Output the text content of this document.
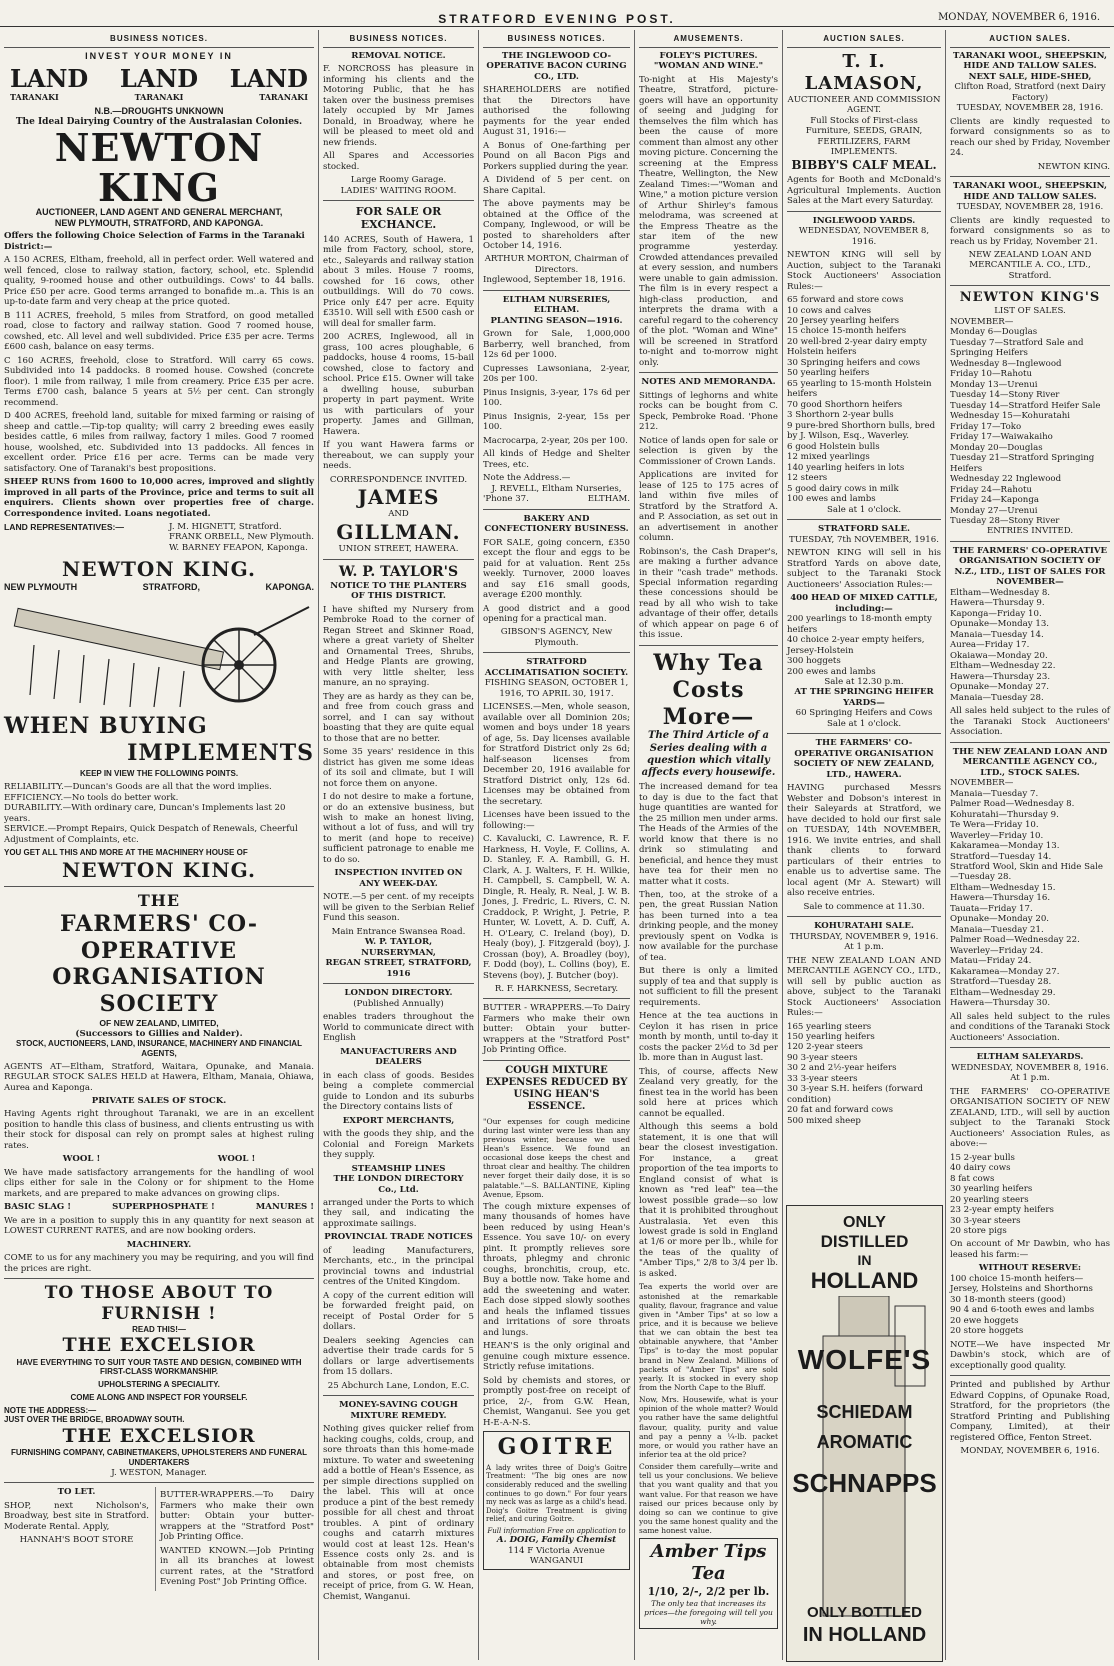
STRATFORD EVENING POST.	MONDAY, NOVEMBER 6, 1916.
BUSINESS NOTICES.
INVEST YOUR MONEY IN
LAND LAND LAND
TARANAKI	TARANAKI	TARANAKI
N.B.—DROUGHTS UNKNOWN
The Ideal Dairying Country of the Australasian Colonies.
NEWTON KING
AUCTIONEER, LAND AGENT AND GENERAL MERCHANT,
NEW PLYMOUTH, STRATFORD, AND KAPONGA.
Offers the following Choice Selection of Farms in the Taranaki District:—
A 150 ACRES, Eltham, freehold, all in perfect order. Well watered and well fenced, close to railway station, factory, school, etc. Splendid quality, 9-roomed house and other outbuildings. Cows' to 44 balls. Price £50 per acre. Good terms arranged to bonafide m..a. This is an up-to-date farm and very cheap at the price quoted.
B 111 ACRES, freehold, 5 miles from Stratford, on good metalled road, close to factory and railway station. Good 7 roomed house, cowshed, etc. All level and well subdivided. Price £35 per acre. Terms £600 cash, balance on easy terms.
C 160 ACRES, freehold, close to Stratford. Will carry 65 cows. Subdivided into 14 paddocks. 8 roomed house. Cowshed (concrete floor). 1 mile from railway, 1 mile from creamery. Price £35 per acre. Terms £700 cash, balance 5 years at 5½ per cent. Can strongly recommend.
D 400 ACRES, freehold land, suitable for mixed farming or raising of sheep and cattle.—Tip-top quality; will carry 2 breeding ewes easily besides cattle, 6 miles from railway, factory 1 miles. Good 7 roomed house, woolshed, etc. Subdivided into 13 paddocks. All fences in excellent order. Price £16 per acre. Terms can be made very satisfactory. One of Taranaki's best propositions.
SHEEP RUNS from 1600 to 10,000 acres, improved and slightly improved in all parts of the Province, price and terms to suit all enquirers. Clients shown over properties free of charge. Correspondence invited. Loans negotiated.
LAND REPRESENTATIVES:—	J. M. HIGNETT, Stratford.
FRANK ORBELL, New Plymouth.
W. BARNEY FEAPON, Kaponga.
NEWTON KING.
NEW PLYMOUTH	STRATFORD,	KAPONGA.
WHEN BUYING
IMPLEMENTS
KEEP IN VIEW THE FOLLOWING POINTS.
RELIABILITY.—Duncan's Goods are all that the word implies.
EFFICIENCY.—No tools do better work.
DURABILITY.—With ordinary care, Duncan's Implements last 20 years.
SERVICE.—Prompt Repairs, Quick Despatch of Renewals, Cheerful Adjustment of Complaints, etc.
YOU GET ALL THIS AND MORE AT THE MACHINERY HOUSE OF
NEWTON KING.
THE
FARMERS' CO-OPERATIVE
ORGANISATION SOCIETY
OF NEW ZEALAND, LIMITED,
(Successors to Gillies and Nalder).
STOCK, AUCTIONEERS, LAND, INSURANCE, MACHINERY AND FINANCIAL AGENTS,
AGENTS AT—Eltham, Stratford, Waitara, Opunake, and Manaia. REGULAR STOCK SALES HELD at Hawera, Eltham, Manaia, Ohiawa, Aurea and Kaponga.
PRIVATE SALES OF STOCK.
Having Agents right throughout Taranaki, we are in an excellent position to handle this class of business, and clients entrusting us with their stock for disposal can rely on prompt sales at highest ruling rates.
WOOL !	WOOL !
We have made satisfactory arrangements for the handling of wool clips either for sale in the Colony or for shipment to the Home markets, and are prepared to make advances on growing clips.
BASIC SLAG !	SUPERPHOSPHATE !	MANURES !
We are in a position to supply this in any quantity for next season at LOWEST CURRENT RATES, and are now booking orders.
MACHINERY.
COME to us for any machinery you may be requiring, and you will find the prices are right.
TO THOSE ABOUT TO
FURNISH !
READ THIS!—
THE EXCELSIOR
HAVE EVERYTHING TO SUIT YOUR TASTE AND DESIGN, COMBINED WITH FIRST-CLASS WORKMANSHIP.
UPHOLSTERING A SPECIALITY.
COME ALONG AND INSPECT FOR YOURSELF.
NOTE THE ADDRESS:—
JUST OVER THE BRIDGE, BROADWAY SOUTH.
THE EXCELSIOR
FURNISHING COMPANY, CABINETMAKERS, UPHOLSTERERS AND FUNERAL UNDERTAKERS
J. WESTON, Manager.
TO LET.
SHOP, next Nicholson's, Broadway, best site in Stratford. Moderate Rental. Apply,
HANNAH'S BOOT STORE
BUTTER-WRAPPERS.—To Dairy Farmers who make their own butter: Obtain your butter-wrappers at the "Stratford Post" Job Printing Office.
WANTED KNOWN.—Job Printing in all its branches at lowest current rates, at the "Stratford Evening Post" Job Printing Office.
BUSINESS NOTICES.
REMOVAL NOTICE.
F. NORCROSS has pleasure in informing his clients and the Motoring Public, that he has taken over the business premises lately occupied by Mr James Donald, in Broadway, where he will be pleased to meet old and new friends.
All Spares and Accessories stocked.
Large Roomy Garage.
LADIES' WAITING ROOM.
FOR SALE OR EXCHANCE.
140 ACRES, South of Hawera, 1 mile from Factory, school, store, etc., Saleyards and railway station about 3 miles. House 7 rooms, cowshed for 16 cows, other outbuildings. Will do 70 cows. Price only £47 per acre. Equity £3510. Will sell with £500 cash or will deal for smaller farm.
200 ACRES, Inglewood, all in grass, 100 acres ploughable, 6 paddocks, house 4 rooms, 15-bail cowshed, close to factory and school. Price £15. Owner will take a dwelling house, suburban property in part payment. Write us with particulars of your property. James and Gillman, Hawera.
If you want Hawera farms or thereabout, we can supply your needs.
CORRESPONDENCE INVITED.
JAMES
AND
GILLMAN.
UNION STREET, HAWERA.
W. P. TAYLOR'S
NOTICE TO THE PLANTERS OF THIS DISTRICT.
I have shifted my Nursery from Pembroke Road to the corner of Regan Street and Skinner Road, where a great variety of Shelter and Ornamental Trees, Shrubs, and Hedge Plants are growing, with very little shelter, less manure, an no spraying.
They are as hardy as they can be, and free from couch grass and sorrel, and I can say without boasting that they are quite equal to those that are no better.
Some 35 years' residence in this district has given me some ideas of its soil and climate, but I will not force them on anyone.
I do not desire to make a fortune, or do an extensive business, but wish to make an honest living, without a lot of fuss, and will try to merit (and hope to receive) sufficient patronage to enable me to do so.
INSPECTION INVITED ON ANY WEEK-DAY.
NOTE.—5 per cent. of my receipts will be given to the Serbian Relief Fund this season.
Main Entrance Swansea Road.
W. P. TAYLOR,
NURSERYMAN,
REGAN STREET, STRATFORD, 1916
LONDON DIRECTORY.
(Published Annually)
enables traders throughout the World to communicate direct with English
MANUFACTURERS AND DEALERS
in each class of goods. Besides being a complete commercial guide to London and its suburbs the Directory contains lists of
EXPORT MERCHANTS,
with the goods they ship, and the Colonial and Foreign Markets they supply.
STEAMSHIP LINES
THE LONDON DIRECTORY Co., Ltd.
arranged under the Ports to which they sail, and indicating the approximate sailings.
PROVINCIAL TRADE NOTICES
of leading Manufacturers, Merchants, etc., in the principal provincial towns and industrial centres of the United Kingdom.
A copy of the current edition will be forwarded freight paid, on receipt of Postal Order for 5 dollars.
Dealers seeking Agencies can advertise their trade cards for 5 dollars or large advertisements from 15 dollars.
25 Abchurch Lane, London, E.C.
MONEY-SAVING COUGH MIXTURE REMEDY.
Nothing gives quicker relief from hacking coughs, colds, croup, and sore throats than this home-made mixture. To water and sweetening add a bottle of Hean's Essence, as per simple directions supplied on the label. This will at once produce a pint of the best remedy possible for all chest and throat troubles. A pint of ordinary coughs and catarrh mixtures would cost at least 12s. Hean's Essence costs only 2s. and is obtainable from most chemists and stores, or post free, on receipt of price, from G. W. Hean, Chemist, Wanganui.
BUSINESS NOTICES.
THE INGLEWOOD CO-OPERATIVE BACON CURING CO., LTD.
SHAREHOLDERS are notified that the Directors have authorised the following payments for the year ended August 31, 1916:—
A Bonus of One-farthing per Pound on all Bacon Pigs and Porkers supplied during the year.
A Dividend of 5 per cent. on Share Capital.
The above payments may be obtained at the Office of the Company, Inglewood, or will be posted to shareholders after October 14, 1916.
ARTHUR MORTON, Chairman of Directors.
Inglewood, September 18, 1916.
ELTHAM NURSERIES, ELTHAM.
PLANTING SEASON—1916.
Grown for Sale, 1,000,000 Barberry, well branched, from 12s 6d per 1000.
Cupresses Lawsoniana, 2-year, 20s per 100.
Pinus Insignis, 3-year, 17s 6d per 100.
Pinus Insignis, 2-year, 15s per 100.
Macrocarpa, 2-year, 20s per 100.
All kinds of Hedge and Shelter Trees, etc.
Note the Address.—
J. REVELL, Eltham Nurseries,
'Phone 37.	ELTHAM.
BAKERY AND CONFECTIONERY BUSINESS.
FOR SALE, going concern, £350 except the flour and eggs to be paid for at valuation. Rent 25s weekly. Turnover, 2000 loaves and say £16 small goods, average £200 monthly.
A good district and a good opening for a practical man.
GIBSON'S AGENCY, New Plymouth.
STRATFORD ACCLIMATISATION SOCIETY.
FISHING SEASON, OCTOBER 1, 1916, TO APRIL 30, 1917.
LICENSES.—Men, whole season, available over all Dominion 20s; women and boys under 18 years of age, 5s. Day licenses available for Stratford District only 2s 6d; half-season licenses from December 20, 1916 available for Stratford District only, 12s 6d. Licenses may be obtained from the secretary.
Licenses have been issued to the following:—
C. Kavalucki, C. Lawrence, R. F. Harkness, H. Voyle, F. Collins, A. D. Stanley, F. A. Rambill, G. H. Clark, A. J. Walters, F. H. Wilkie, H. Campbell, S. Campbell, W. A. Dingle, R. Healy, R. Neal, J. W. B. Jones, J. Fredric, L. Rivers, C. N. Craddock, P. Wright, J. Petrie, P. Hunter, W. Lovett, A. D. Cuff, A. H. O'Leary, C. Ireland (boy), D. Healy (boy), J. Fitzgerald (boy), J. Crossan (boy), A. Broadley (boy), F. Dodd (boy), L. Collins (boy), E. Stevens (boy), J. Butcher (boy).
R. F. HARKNESS, Secretary.
BUTTER - WRAPPERS.—To Dairy Farmers who make their own butter: Obtain your butter-wrappers at the "Stratford Post" Job Printing Office.
COUGH MIXTURE EXPENSES REDUCED BY USING HEAN'S ESSENCE.
"Our expenses for cough medicine during last winter were less than any previous winter, because we used Hean's Essence. We found an occasional dose keeps the chest and throat clear and healthy. The children never forget their daily dose, it is so palatable."—S. BALLANTINE, Kipling Avenue, Epsom.
The cough mixture expenses of many thousands of homes have been reduced by using Hean's Essence. You save 10/- on every pint. It promptly relieves sore throats, phlegmy and chronic coughs, bronchitis, croup, etc. Buy a bottle now. Take home and add the sweetening and water. Each dose sipped slowly soothes and heals the inflamed tissues and irritations of sore throats and lungs.
HEAN'S is the only original and genuine cough mixture essence. Strictly refuse imitations.
Sold by chemists and stores, or promptly post-free on receipt of price, 2/-, from G.W. Hean, Chemist, Wanganui. See you get H-E-A-N-S.
GOITRE
A lady writes three of Doig's Goitre Treatment: "The big ones are now considerably reduced and the swelling continues to go down." For four years my neck was as large as a child's head. Doig's Goitre Treatment is giving relief, and curing Goitre.
Full information Free on application to
A. DOIG, Family Chemist
114 F Victoria Avenue WANGANUI
AMUSEMENTS.
FOLEY'S PICTURES.
"WOMAN AND WINE."
To-night at His Majesty's Theatre, Stratford, picture-goers will have an opportunity of seeing and judging for themselves the film which has been the cause of more comment than almost any other moving picture. Concerning the screening at the Empress Theatre, Wellington, the New Zealand Times:—"Woman and Wine," a motion picture version of Arthur Shirley's famous melodrama, was screened at the Empress Theatre as the star item of the new programme yesterday. Crowded attendances prevailed at every session, and numbers were unable to gain admission. The film is in every respect a high-class production, and interprets the drama with a careful regard to the coherency of the plot. "Woman and Wine" will be screened in Stratford to-night and to-morrow night only.
NOTES AND MEMORANDA.
Sittings of leghorns and white rocks can be bought from C. Speck, Pembroke Road. 'Phone 212.
Notice of lands open for sale or selection is given by the Commissioner of Crown Lands.
Applications are invited for lease of 125 to 175 acres of land within five miles of Stratford by the Stratford A. and P. Association, as set out in an advertisement in another column.
Robinson's, the Cash Draper's, are making a further advance in their "cash trade" methods. Special information regarding these concessions should be read by all who wish to take advantage of their offer, details of which appear on page 6 of this issue.
Why Tea
Costs More—
The Third Article of a Series dealing with a question which vitally affects every housewife.
The increased demand for tea to day is due to the fact that huge quantities are wanted for the 25 million men under arms. The Heads of the Armies of the world know that there is no drink so stimulating and beneficial, and hence they must have tea for their men no matter what it costs.
Then, too, at the stroke of a pen, the great Russian Nation has been turned into a tea drinking people, and the money previously spent on Vodka is now available for the purchase of tea.
But there is only a limited supply of tea and that supply is not sufficient to fill the present requirements.
Hence at the tea auctions in Ceylon it has risen in price month by month, until to-day it costs the packer 2½d to 3d per lb. more than in August last.
This, of course, affects New Zealand very greatly, for the finest tea in the world has been sold here at prices which cannot be equalled.
Although this seems a bold statement, it is one that will bear the closest investigation. For instance, a great proportion of the tea imports to England consist of what is known as "red leaf" tea—the lowest possible grade—so low that it is prohibited throughout Australasia. Yet even this lowest grade is sold in England at 1/6 or more per lb., while for the teas of the quality of "Amber Tips," 2/8 to 3/4 per lb. is asked.
Tea experts the world over are astonished at the remarkable quality, flavour, fragrance and value given in "Amber Tips" at so low a price, and it is because we believe that we can obtain the best tea obtainable anywhere, that "Amber Tips" is to-day the most popular brand in New Zealand. Millions of packets of "Amber Tips" are sold yearly. It is stocked in every shop from the North Cape to the Bluff.
Now, Mrs. Housewife, what is your opinion of the whole matter? Would you rather have the same delightful flavour, quality, purity and value and pay a penny a ¼-lb. packet more, or would you rather have an inferior tea at the old price?
Consider them carefully—write and tell us your conclusions. We believe that you want quality and that you want value. For that reason we have raised our prices because only by doing so can we continue to give you the same honest quality and the same honest value.
Amber Tips Tea
1/10, 2/-, 2/2 per lb.
The only tea that increases its prices—the foregoing will tell you why.
AUCTION SALES.
T. I. LAMASON,
AUCTIONEER AND COMMISSION AGENT.
Full Stocks of First-class Furniture, SEEDS, GRAIN, FERTILIZERS, FARM IMPLEMENTS.
BIBBY'S CALF MEAL.
Agents for Booth and McDonald's Agricultural Implements. Auction Sales at the Mart every Saturday.
INGLEWOOD YARDS.
WEDNESDAY, NOVEMBER 8, 1916.
NEWTON KING will sell by Auction, subject to the Taranaki Stock Auctioneers' Association Rules:—
65 forward and store cows
10 cows and calves
20 Jersey yearling heifers
15 choice 15-month heifers
20 well-bred 2-year dairy empty Holstein heifers
30 Springing heifers and cows
50 yearling heifers
65 yearling to 15-month Holstein heifers
70 good Shorthorn heifers
3 Shorthorn 2-year bulls
9 pure-bred Shorthorn bulls, bred by J. Wilson, Esq., Waverley.
6 good Holstein bulls
12 mixed yearlings
140 yearling heifers in lots
12 steers
5 good dairy cows in milk
100 ewes and lambs
Sale at 1 o'clock.
STRATFORD SALE.
TUESDAY, 7th NOVEMBER, 1916.
NEWTON KING will sell in his Stratford Yards on above date, subject to the Taranaki Stock Auctioneers' Association Rules:—
400 HEAD OF MIXED CATTLE, including:—
200 yearlings to 18-month empty heifers
40 choice 2-year empty heifers, Jersey-Holstein
300 hoggets
200 ewes and lambs
Sale at 12.30 p.m.
AT THE SPRINGING HEIFER YARDS—
60 Springing Heifers and Cows
Sale at 1 o'clock.
THE FARMERS' CO-OPERATIVE ORGANISATION SOCIETY OF NEW ZEALAND, LTD., HAWERA.
HAVING purchased Messrs Webster and Dobson's interest in their Saleyards at Stratford, we have decided to hold our first sale on TUESDAY, 14th NOVEMBER, 1916. We invite entries, and shall thank clients to forward particulars of their entries to enable us to advertise same. The local agent (Mr A. Stewart) will also receive entries.
Sale to commence at 11.30.
KOHURATAHI SALE.
THURSDAY, NOVEMBER 9, 1916.
At 1 p.m.
THE NEW ZEALAND LOAN AND MERCANTILE AGENCY CO., LTD., will sell by public auction as above, subject to the Taranaki Stock Auctioneers' Association Rules:—
165 yearling steers
150 yearling heifers
120 2-year steers
90 3-year steers
30 2 and 2½-year heifers
33 3-year steers
30 3-year S.H. heifers (forward condition)
20 fat and forward cows
500 mixed sheep
AUCTION SALES.
TARANAKI WOOL, SHEEPSKIN, HIDE AND TALLOW SALES.
NEXT SALE, HIDE-SHED,
Clifton Road, Stratford (next Dairy Factory)
TUESDAY, NOVEMBER 28, 1916.
Clients are kindly requested to forward consignments so as to reach our shed by Friday, November 24.
NEWTON KING.
TARANAKI WOOL, SHEEPSKIN, HIDE AND TALLOW SALES.
TUESDAY, NOVEMBER 28, 1916.
Clients are kindly requested to forward consignments so as to reach us by Friday, November 21.
NEW ZEALAND LOAN AND MERCANTILE A. CO., LTD., Stratford.
NEWTON KING'S
LIST OF SALES.
NOVEMBER—
Monday 6—Douglas
Tuesday 7—Stratford Sale and Springing Heifers
Wednesday 8—Inglewood
Friday 10—Rahotu
Monday 13—Urenui
Tuesday 14—Stony River
Tuesday 14—Stratford Heifer Sale
Wednesday 15—Kohuratahi
Friday 17—Toko
Friday 17—Waiwakaiho
Monday 20—Douglas
Tuesday 21—Stratford Springing Heifers
Wednesday 22 Inglewood
Friday 24—Rahotu
Friday 24—Kaponga
Monday 27—Urenui
Tuesday 28—Stony River
ENTRIES INVITED.
THE FARMERS' CO-OPERATIVE ORGANISATION SOCIETY OF N.Z., LTD., LIST OF SALES FOR NOVEMBER—
Eltham—Wednesday 8.
Hawera—Thursday 9.
Kaponga—Friday 10.
Opunake—Monday 13.
Manaia—Tuesday 14.
Aurea—Friday 17.
Okaiawa—Monday 20.
Eltham—Wednesday 22.
Hawera—Thursday 23.
Opunake—Monday 27.
Manaia—Tuesday 28.
All sales held subject to the rules of the Taranaki Stock Auctioneers' Association.
THE NEW ZEALAND LOAN AND MERCANTILE AGENCY CO., LTD., STOCK SALES.
NOVEMBER—
Manaia—Tuesday 7.
Palmer Road—Wednesday 8.
Kohuratahi—Thursday 9.
Te Wera—Friday 10.
Waverley—Friday 10.
Kakaramea—Monday 13.
Stratford—Tuesday 14.
Stratford Wool, Skin and Hide Sale—Tuesday 28.
Eltham—Wednesday 15.
Hawera—Thursday 16.
Tauata—Friday 17.
Opunake—Monday 20.
Manaia—Tuesday 21.
Palmer Road—Wednesday 22.
Waverley—Friday 24.
Matau—Friday 24.
Kakaramea—Monday 27.
Stratford—Tuesday 28.
Eltham—Wednesday 29.
Hawera—Thursday 30.
All sales held subject to the rules and conditions of the Taranaki Stock Auctioneers' Association.
ELTHAM SALEYARDS.
WEDNESDAY, NOVEMBER 8, 1916.
At 1 p.m.
THE FARMERS' CO-OPERATIVE ORGANISATION SOCIETY OF NEW ZEALAND, LTD., will sell by auction subject to the Taranaki Stock Auctioneers' Association Rules, as above:—
15 2-year bulls
40 dairy cows
8 fat cows
30 yearling heifers
20 yearling steers
23 2-year empty heifers
30 3-year steers
20 store pigs
On account of Mr Dawbin, who has leased his farm:—
WITHOUT RESERVE:
100 choice 15-month heifers—Jersey, Holsteins and Shorthorns
30 18-month steers (good)
90 4 and 6-tooth ewes and lambs
20 ewe hoggets
20 store hoggets
NOTE—We have inspected Mr Dawbin's stock, which are of exceptionally good quality.
Printed and published by Arthur Edward Coppins, of Opunake Road, Stratford, for the proprietors (the Stratford Printing and Publishing Company, Limited), at their registered Office, Fenton Street.
MONDAY, NOVEMBER 6, 1916.
ONLY
DISTILLED
IN
HOLLAND
WOLFE'S
SCHIEDAM
AROMATIC
SCHNAPPS
ONLY BOTTLED
IN HOLLAND
